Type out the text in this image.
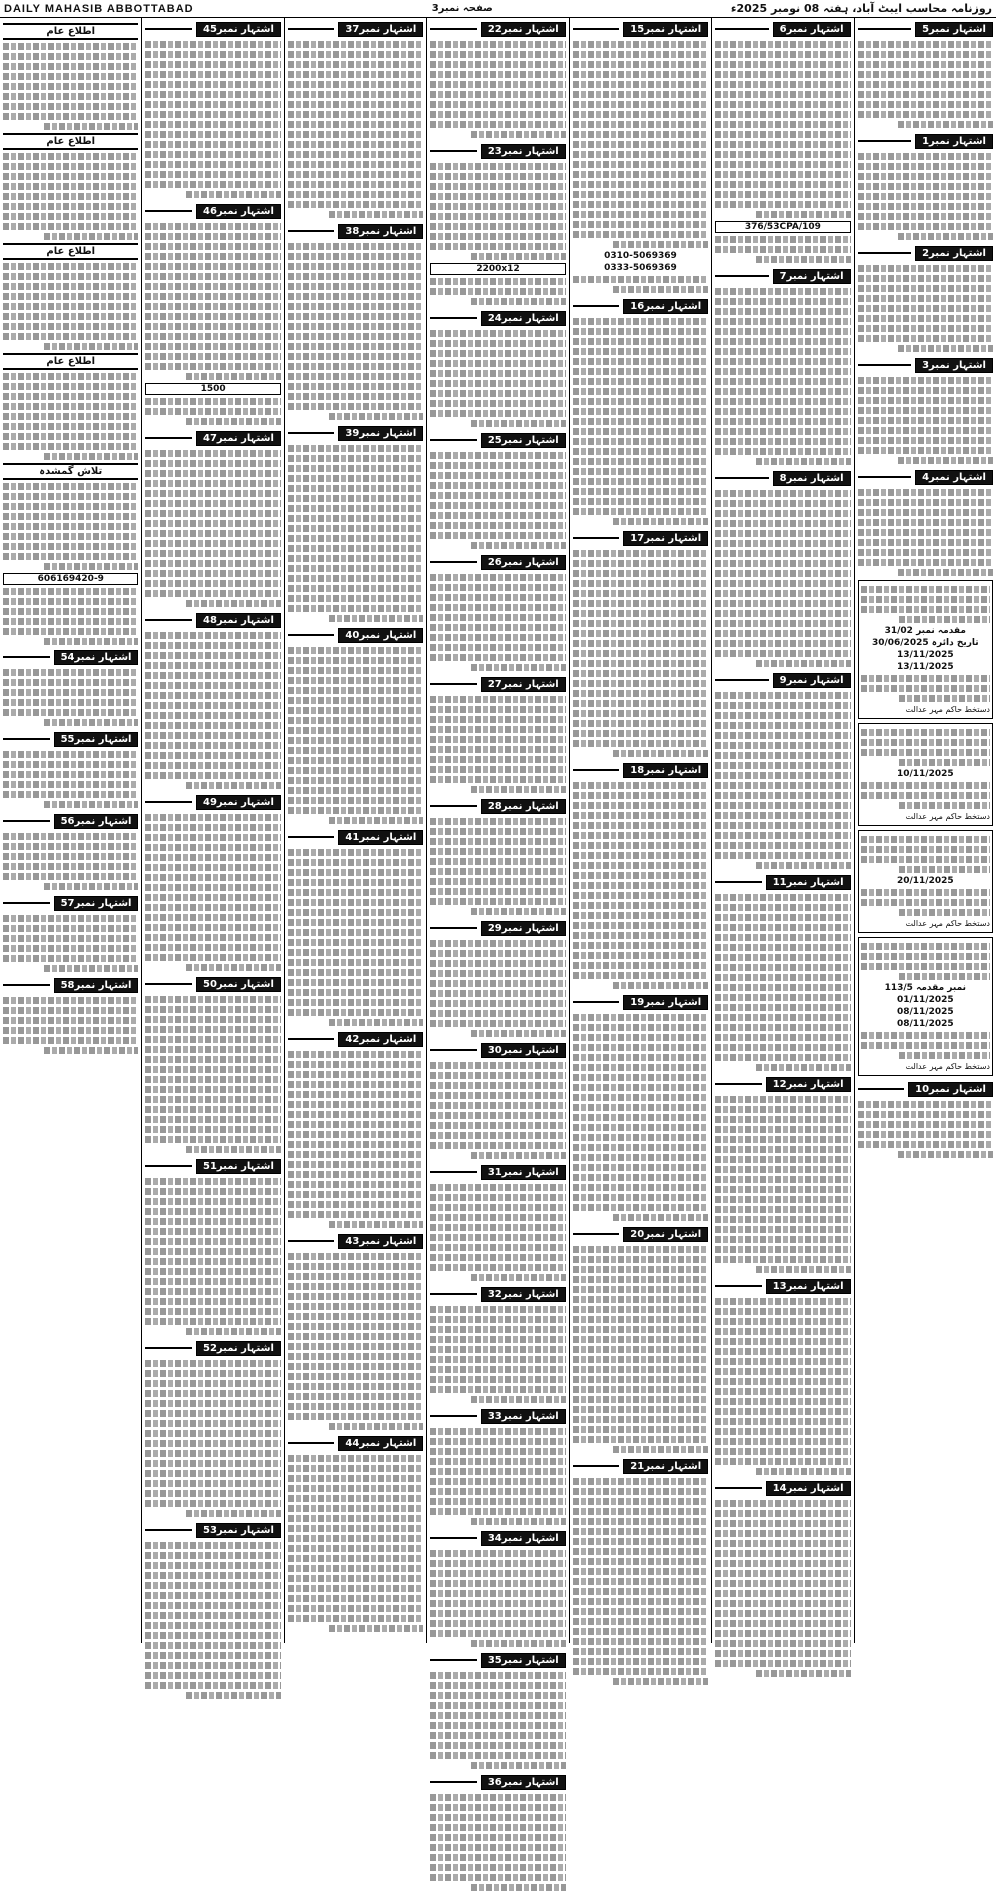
DAILY MAHASIB ABBOTTABAD	صفحہ نمبر3	روزنامہ محاسب ایبٹ آباد، ہفتہ 08 نومبر 2025ء
اشتہار نمبر5
اشتہار نمبر1
اشتہار نمبر2
اشتہار نمبر3
اشتہار نمبر4
مقدمہ نمبر 31/02
تاریخ دائرہ 30/06/2025
13/11/2025
13/11/2025
دستخط حاکم مہر عدالت
10/11/2025
دستخط حاکم مہر عدالت
20/11/2025
دستخط حاکم مہر عدالت
نمبر مقدمہ 113/5
01/11/2025
08/11/2025
08/11/2025
دستخط حاکم مہر عدالت
اشتہار نمبر10
اشتہار نمبر6
376/53CPA/109
اشتہار نمبر7
اشتہار نمبر8
اشتہار نمبر9
اشتہار نمبر11
اشتہار نمبر12
اشتہار نمبر13
اشتہار نمبر14
اشتہار نمبر15
0310-5069369
0333-5069369
اشتہار نمبر16
اشتہار نمبر17
اشتہار نمبر18
اشتہار نمبر19
اشتہار نمبر20
اشتہار نمبر21
اشتہار نمبر22
اشتہار نمبر23
2200x12
اشتہار نمبر24
اشتہار نمبر25
اشتہار نمبر26
اشتہار نمبر27
اشتہار نمبر28
اشتہار نمبر29
اشتہار نمبر30
اشتہار نمبر31
اشتہار نمبر32
اشتہار نمبر33
اشتہار نمبر34
اشتہار نمبر35
اشتہار نمبر36
اشتہار نمبر37
اشتہار نمبر38
اشتہار نمبر39
اشتہار نمبر40
اشتہار نمبر41
اشتہار نمبر42
اشتہار نمبر43
اشتہار نمبر44
اشتہار نمبر45
اشتہار نمبر46
1500
اشتہار نمبر47
اشتہار نمبر48
اشتہار نمبر49
اشتہار نمبر50
اشتہار نمبر51
اشتہار نمبر52
اشتہار نمبر53
اطلاع عام
اطلاع عام
اطلاع عام
اطلاع عام
تلاش گمشدہ
606169420-9
اشتہار نمبر54
اشتہار نمبر55
اشتہار نمبر56
اشتہار نمبر57
اشتہار نمبر58
